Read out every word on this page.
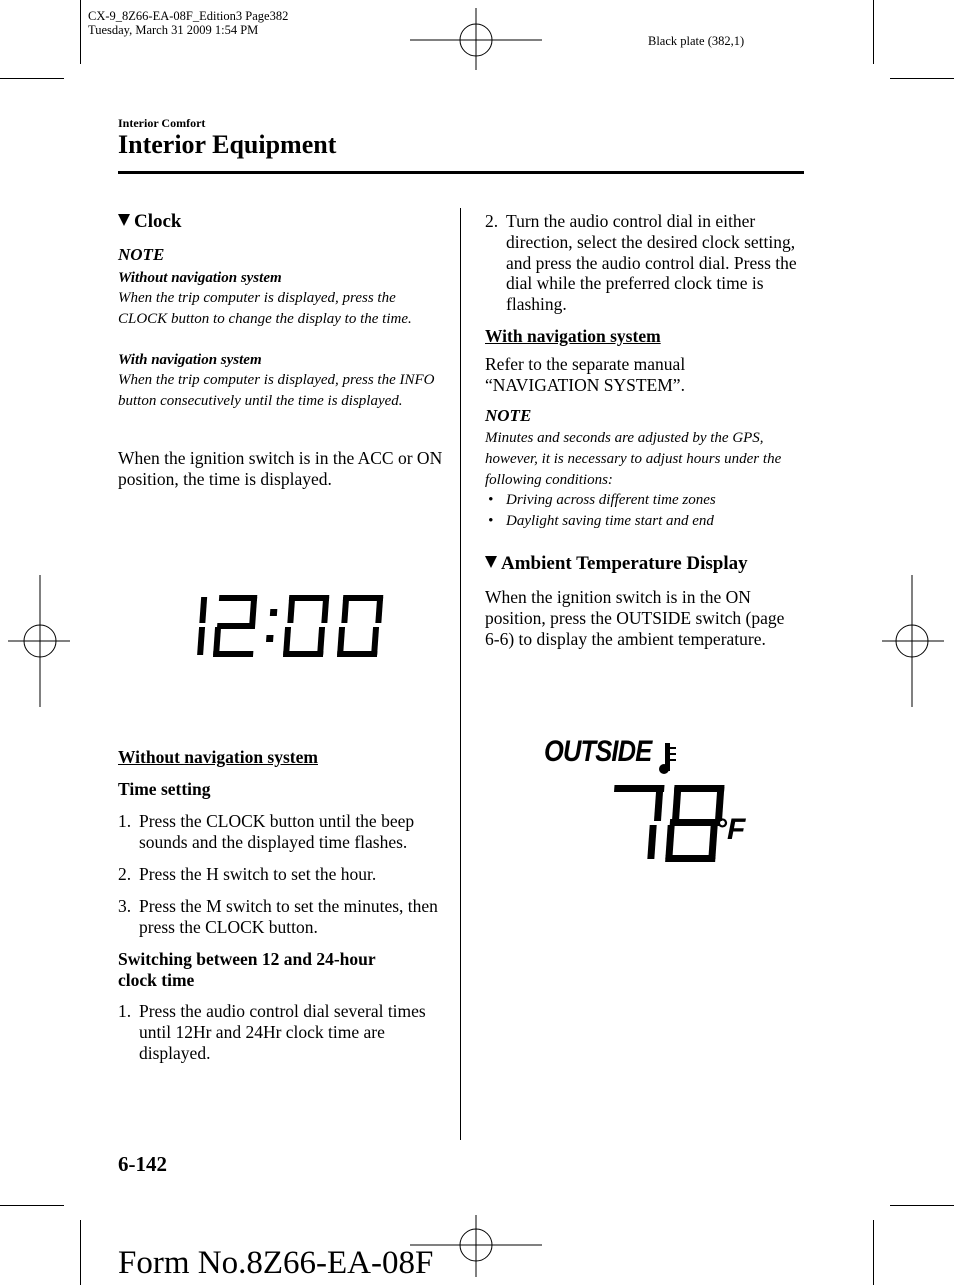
CX-9_8Z66-EA-08F_Edition3 Page382
Tuesday, March 31 2009 1:54 PM
Black plate (382,1)
Interior Comfort
Interior Equipment
Clock
NOTE
Without navigation system
When the trip computer is displayed, press the CLOCK button to change the display to the time.
With navigation system
When the trip computer is displayed, press the INFO button consecutively until the time is displayed.
When the ignition switch is in the ACC or ON position, the time is displayed.
Without navigation system
Time setting
1. Press the CLOCK button until the beep sounds and the displayed time flashes.
2. Press the H switch to set the hour.
3. Press the M switch to set the minutes, then press the CLOCK button.
Switching between 12 and 24-hour clock time
1. Press the audio control dial several times until 12Hr and 24Hr clock time are displayed.
2. Turn the audio control dial in either direction, select the desired clock setting, and press the audio control dial. Press the dial while the preferred clock time is flashing.
With navigation system
Refer to the separate manual “NAVIGATION SYSTEM”.
NOTE
Minutes and seconds are adjusted by the GPS, however, it is necessary to adjust hours under the following conditions:
• Driving across different time zones
• Daylight saving time start and end
Ambient Temperature Display
When the ignition switch is in the ON position, press the OUTSIDE switch (page 6-6) to display the ambient temperature.
OUTSIDE
°F
6-142
Form No.8Z66-EA-08F
